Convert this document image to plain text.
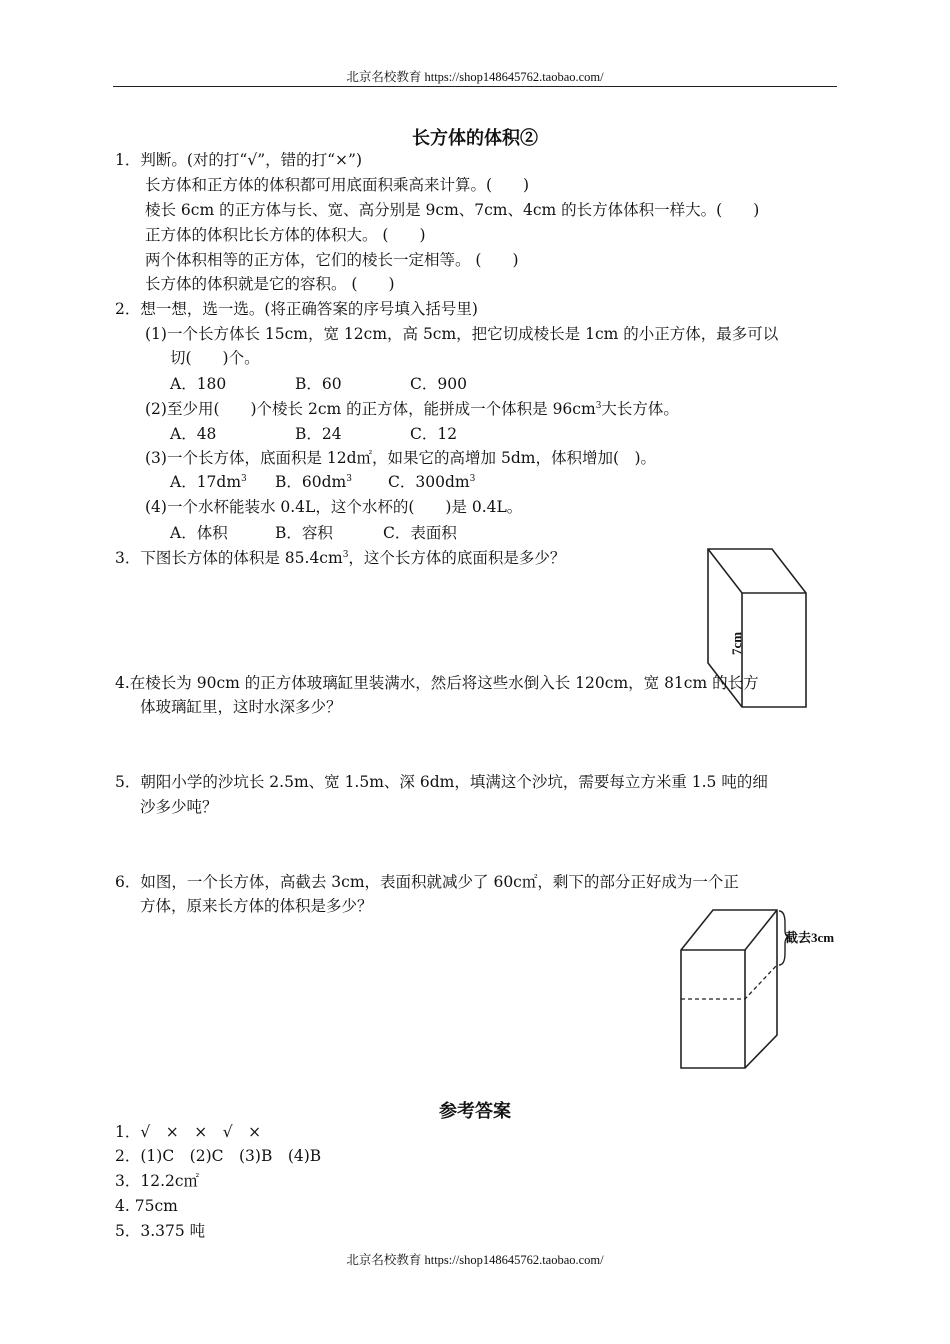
北京名校教育 https://shop148645762.taobao.com/
长方体的体积②
1．判断。(对的打“√”，错的打“×”)
长方体和正方体的体积都可用底面积乘高来计算。(　　)
棱长 6cm 的正方体与长、宽、高分别是 9cm、7cm、4cm 的长方体体积一样大。(　　)
正方体的体积比长方体的体积大。 (　　)
两个体积相等的正方体，它们的棱长一定相等。 (　　)
长方体的体积就是它的容积。 (　　)
2．想一想，选一选。(将正确答案的序号填入括号里)
(1)一个长方体长 15cm，宽 12cm，高 5cm，把它切成棱长是 1cm 的小正方体，最多可以
切(　　)个。
A．180	B．60	C．900
(2)至少用(　　)个棱长 2cm 的正方体，能拼成一个体积是 $96cm^3$大长方体。
A．48	B．24	C．12
(3)一个长方体，底面积是 12d㎡，如果它的高增加 5dm，体积增加(　)。
A．$17dm^3$ B．$60dm^3$ C．$300dm^3$
(4)一个水杯能装水 0.4L，这个水杯的(　　)是 0.4L。
A．体积	B．容积	C．表面积
3．下图长方体的体积是 $85.4cm^3$，这个长方体的底面积是多少？
7cm
4.在棱长为 90cm 的正方体玻璃缸里装满水，然后将这些水倒入长 120cm，宽 81cm 的长方
体玻璃缸里，这时水深多少？
5．朝阳小学的沙坑长 2.5m、宽 1.5m、深 6dm，填满这个沙坑，需要每立方米重 1.5 吨的细
沙多少吨？
6．如图，一个长方体，高截去 3cm，表面积就减少了 60c㎡，剩下的部分正好成为一个正
方体，原来长方体的体积是多少？
截去3cm
参考答案
1．√　×　×　√　×
2．(1)C　(2)C　(3)B　(4)B
3．12.2c㎡
4. 75cm
5．3.375 吨
北京名校教育 https://shop148645762.taobao.com/
